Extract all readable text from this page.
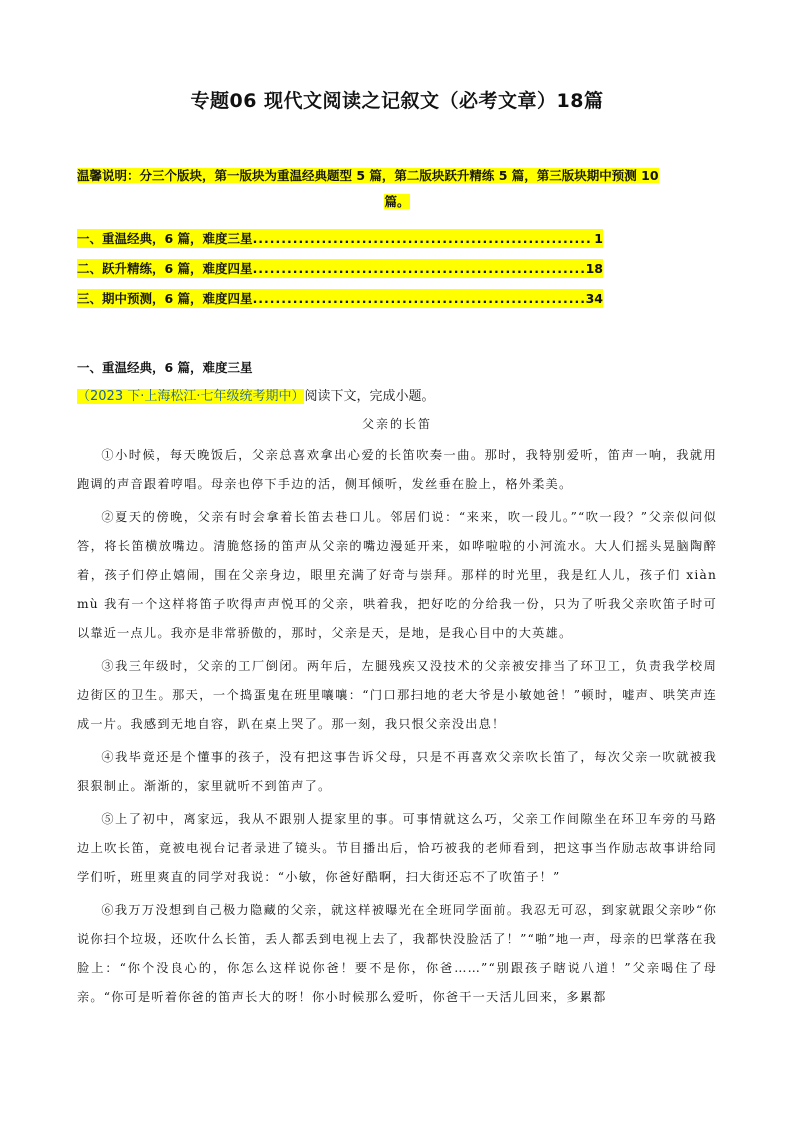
专题06 现代文阅读之记叙文（必考文章）18篇
温馨说明：分三个版块，第一版块为重温经典题型 5 篇，第二版块跃升精练 5 篇，第三版块期中预测 10
篇。
一、重温经典，6 篇，难度三星 .....	1
二、跃升精练，6 篇，难度四星 .....	18
三、期中预测，6 篇，难度四星 .....	34
一、重温经典，6 篇，难度三星
（2023 下·上海松江·七年级统考期中）阅读下文，完成小题。
父亲的长笛

①小时候，每天晚饭后，父亲总喜欢拿出心爱的长笛吹奏一曲。那时，我特别爱听，笛声一响，我就用跑调的声音跟着哼唱。母亲也停下手边的活，侧耳倾听，发丝垂在脸上，格外柔美。

②夏天的傍晚，父亲有时会拿着长笛去巷口儿。邻居们说：“来来，吹一段儿。”“吹一段？”父亲似问似答，将长笛横放嘴边。清脆悠扬的笛声从父亲的嘴边漫延开来，如哗啦啦的小河流水。大人们摇头晃脑陶醉着，孩子们停止嬉闹，围在父亲身边，眼里充满了好奇与崇拜。那样的时光里，我是红人儿，孩子们 xiàn mù 我有一个这样将笛子吹得声声悦耳的父亲，哄着我，把好吃的分给我一份，只为了听我父亲吹笛子时可以靠近一点儿。我亦是非常骄傲的，那时，父亲是天，是地，是我心目中的大英雄。

③我三年级时，父亲的工厂倒闭。两年后，左腿残疾又没技术的父亲被安排当了环卫工，负责我学校周边街区的卫生。那天，一个捣蛋鬼在班里嚷嚷：“门口那扫地的老大爷是小敏她爸！”顿时，嘘声、哄笑声连成一片。我感到无地自容，趴在桌上哭了。那一刻，我只恨父亲没出息！

④我毕竟还是个懂事的孩子，没有把这事告诉父母，只是不再喜欢父亲吹长笛了，每次父亲一吹就被我狠狠制止。渐渐的，家里就听不到笛声了。

⑤上了初中，离家远，我从不跟别人提家里的事。可事情就这么巧，父亲工作间隙坐在环卫车旁的马路边上吹长笛，竟被电视台记者录进了镜头。节目播出后，恰巧被我的老师看到，把这事当作励志故事讲给同学们听，班里爽直的同学对我说：“小敏，你爸好酷啊，扫大街还忘不了吹笛子！”

⑥我万万没想到自己极力隐藏的父亲，就这样被曝光在全班同学面前。我忍无可忍，到家就跟父亲吵“你说你扫个垃圾，还吹什么长笛，丢人都丢到电视上去了，我都快没脸活了！”“啪”地一声，母亲的巴掌落在我脸上：“你个没良心的，你怎么这样说你爸！要不是你，你爸……”“别跟孩子瞎说八道！”父亲喝住了母亲。“你可是听着你爸的笛声长大的呀！你小时候那么爱听，你爸干一天活儿回来，多累都
